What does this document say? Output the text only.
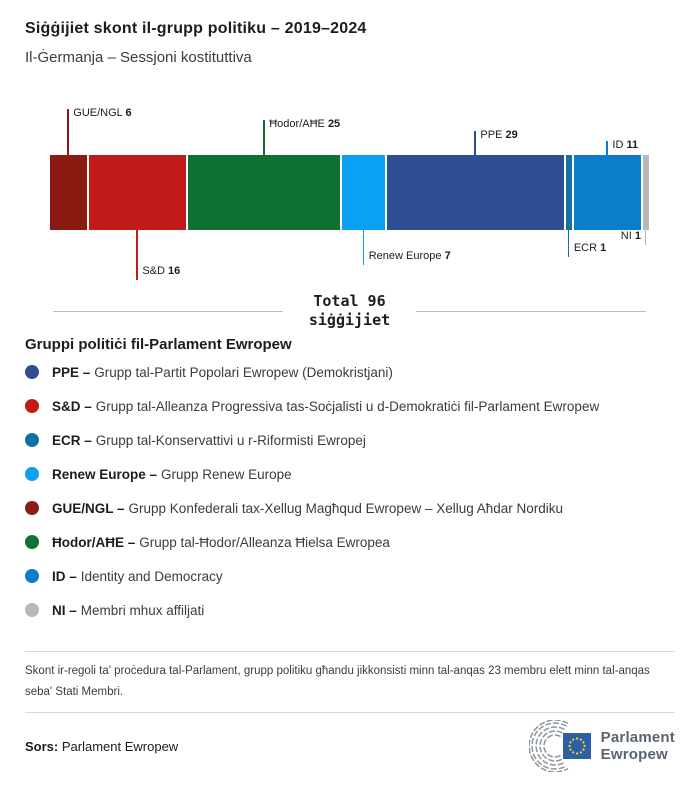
Siġġijiet skont il-grupp politiku – 2019–2024
Il-Ġermanja – Sessjoni kostituttiva
GUE/NGL 6
S&D 16
Ħodor/AĦE 25
Renew Europe 7
PPE 29
ECR 1
ID 11
NI 1
Total 96
siġġijiet
Gruppi politiċi fil-Parlament Ewropew
PPE – Grupp tal-Partit Popolari Ewropew (Demokristjani)
S&D – Grupp tal-Alleanza Progressiva tas-Soċjalisti u d-Demokratiċi fil-Parlament Ewropew
ECR – Grupp tal-Konservattivi u r-Riformisti Ewropej
Renew Europe – Grupp Renew Europe
GUE/NGL – Grupp Konfederali tax-Xellug Magħqud Ewropew – Xellug Aħdar Nordiku
Ħodor/AĦE – Grupp tal-Ħodor/Alleanza Ħielsa Ewropea
ID – Identity and Democracy
NI – Membri mhux affiljati

Skont ir-regoli ta' proċedura tal-Parlament, grupp politiku għandu jikkonsisti minn tal-anqas 23 membru elett minn tal-anqas seba' Stati Membri.

Sors: Parlament Ewropew	Parlament
Ewropew
